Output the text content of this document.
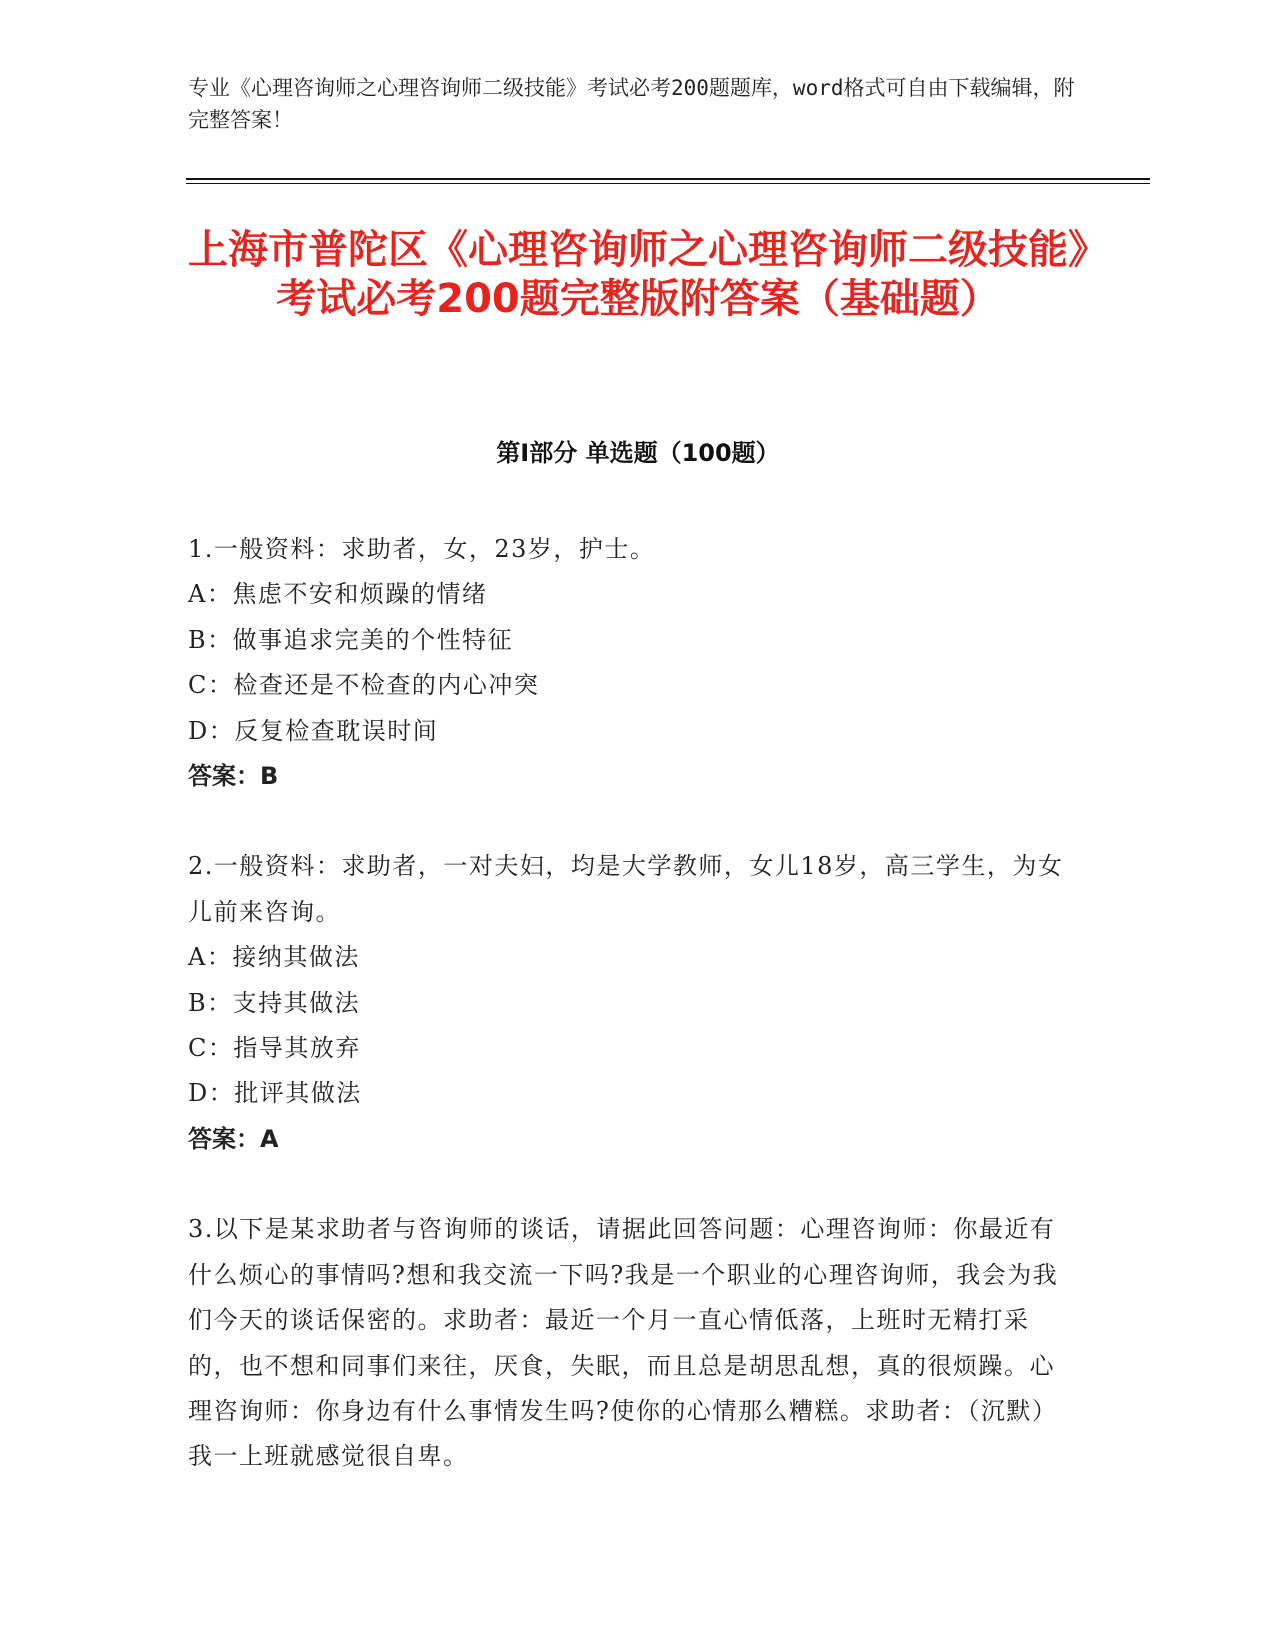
专业《心理咨询师之心理咨询师二级技能》考试必考200题题库，word格式可自由下载编辑，附完整答案！
上海市普陀区《心理咨询师之心理咨询师二级技能》考试必考200题完整版附答案（基础题）
第I部分 单选题（100题）
1.一般资料：求助者，女，23岁，护士。
A：焦虑不安和烦躁的情绪
B：做事追求完美的个性特征
C：检查还是不检查的内心冲突
D：反复检查耽误时间
答案：B
2.一般资料：求助者，一对夫妇，均是大学教师，女儿18岁，高三学生，为女儿前来咨询。
A：接纳其做法
B：支持其做法
C：指导其放弃
D：批评其做法
答案：A
3.以下是某求助者与咨询师的谈话，请据此回答问题：心理咨询师：你最近有什么烦心的事情吗?想和我交流一下吗?我是一个职业的心理咨询师，我会为我们今天的谈话保密的。求助者：最近一个月一直心情低落，上班时无精打采的，也不想和同事们来往，厌食，失眠，而且总是胡思乱想，真的很烦躁。心理咨询师：你身边有什么事情发生吗?使你的心情那么糟糕。求助者：（沉默）我一上班就感觉很自卑。
